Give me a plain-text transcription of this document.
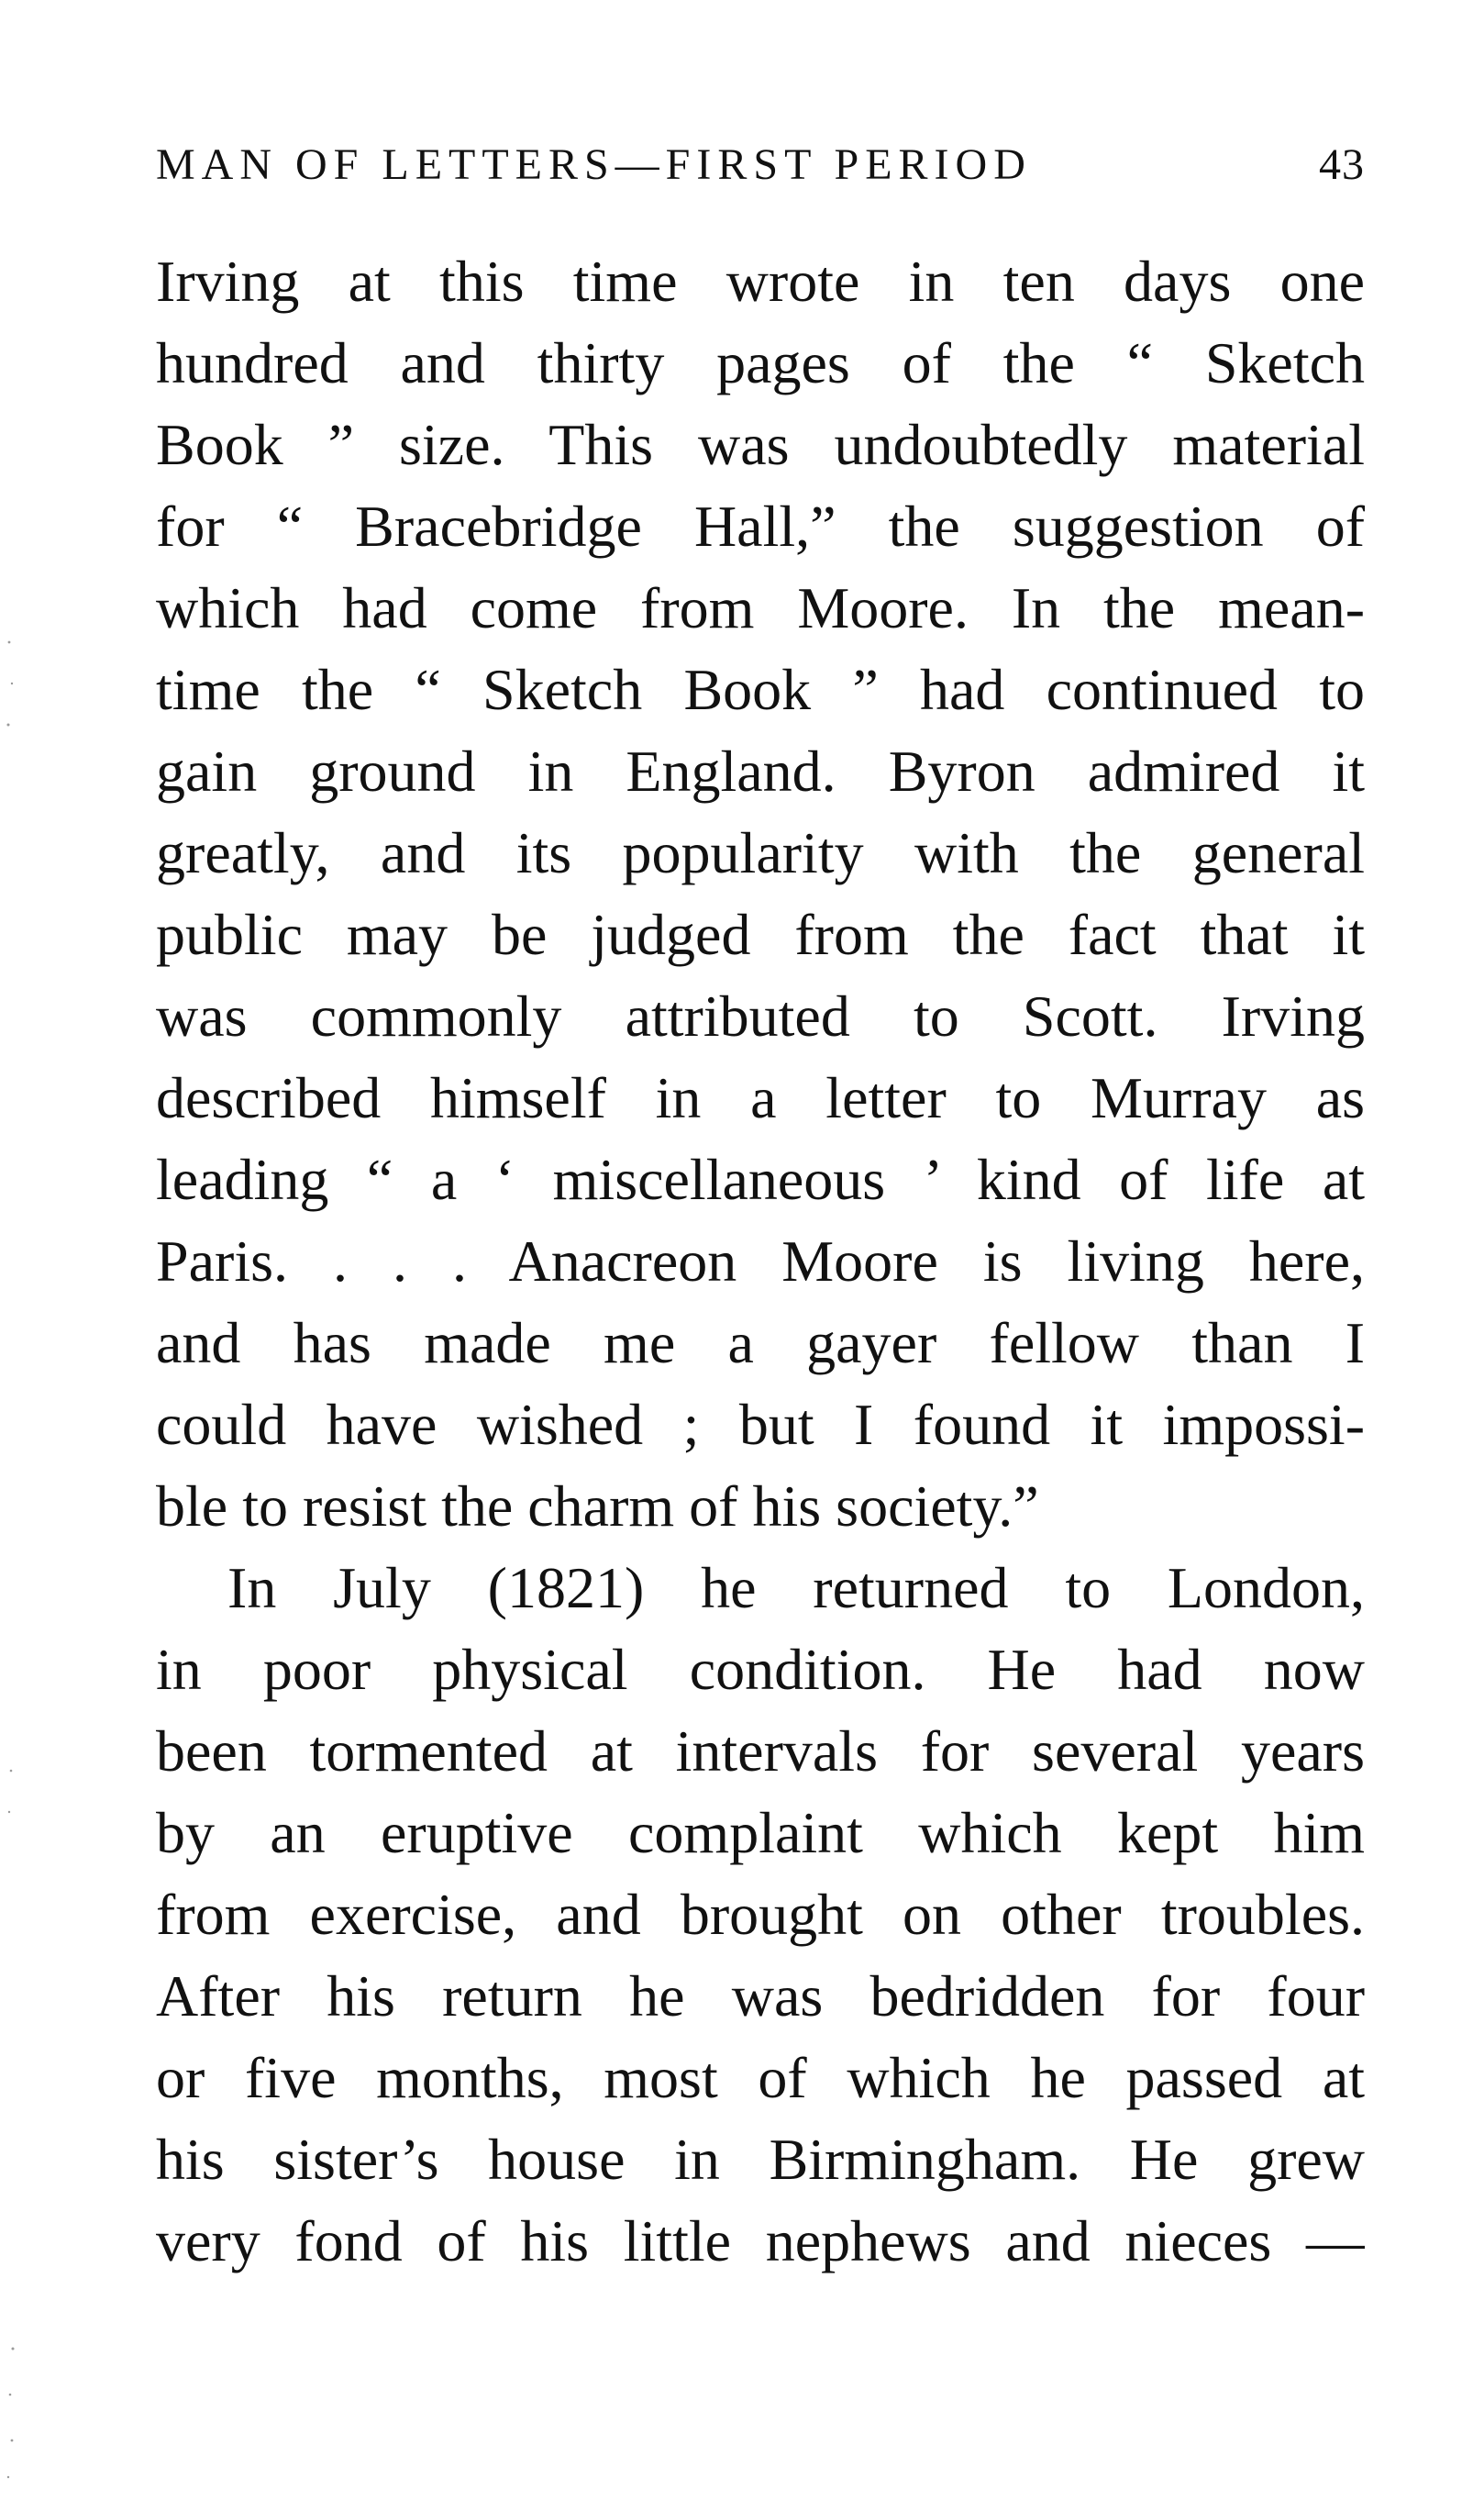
MAN OF LETTERS—FIRST PERIOD	43
Irving at this time wrote in ten days one
hundred and thirty pages of the “ Sketch
Book ” size. This was undoubtedly material
for “ Bracebridge Hall,” the suggestion of
which had come from Moore. In the mean-
time the “ Sketch Book ” had continued to
gain ground in England. Byron admired it
greatly, and its popularity with the general
public may be judged from the fact that it
was commonly attributed to Scott. Irving
described himself in a letter to Murray as
leading “ a ‘ miscellaneous ’ kind of life at
Paris. . . . Anacreon Moore is living here,
and has made me a gayer fellow than I
could have wished ; but I found it impossi-
ble to resist the charm of his society.”
In July (1821) he returned to London,
in poor physical condition. He had now
been tormented at intervals for several years
by an eruptive complaint which kept him
from exercise, and brought on other troubles.
After his return he was bedridden for four
or five months, most of which he passed at
his sister’s house in Birmingham. He grew
very fond of his little nephews and nieces —
